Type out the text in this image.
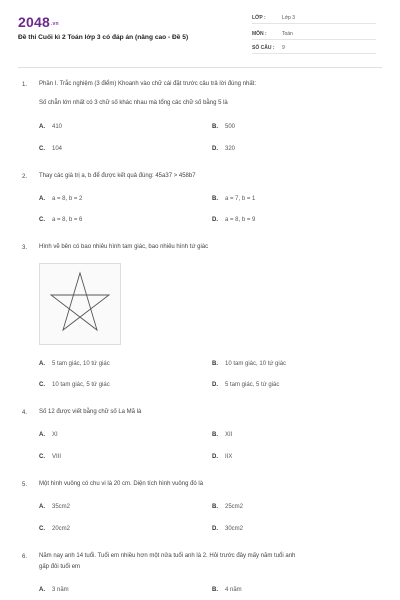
2048.vn
Đề thi Cuối kì 2 Toán lớp 3 có đáp án (nâng cao - Đề 5)
LỚP :	Lớp 3
MÔN :	Toán
SỐ CÂU : 9
1. Phần I. Trắc nghiệm (3 điểm) Khoanh vào chữ cái đặt trước câu trả lời đúng nhất:
Số chẵn lớn nhất có 3 chữ số khác nhau mà tổng các chữ số bằng 5 là
A. 410	B. 500
C. 104	D. 320
2. Thay các giá trị a, b để được kết quả đúng: 45a37 > 458b7
A. a = 8, b = 2	B. a = 7, b = 1
C. a = 8, b = 6	D. a = 8, b = 9
3. Hình vẽ bên có bao nhiêu hình tam giác, bao nhiêu hình tứ giác
A. 5 tam giác, 10 tứ giác	B. 10 tam giác, 10 tứ giác
C. 10 tam giác, 5 tứ giác	D. 5 tam giác, 5 tứ giác
4. Số 12 được viết bằng chữ số La Mã là
A. XI	B. XII
C. VIII	D. IIX
5. Một hình vuông có chu vi là 20 cm. Diện tích hình vuông đó là
A. 35cm2	B. 25cm2
C. 20cm2	D. 30cm2
6. Năm nay anh 14 tuổi. Tuổi em nhiều hơn một nửa tuổi anh là 2. Hỏi trước đây mấy năm tuổi anh
gấp đôi tuổi em
A. 3 năm	B. 4 năm
